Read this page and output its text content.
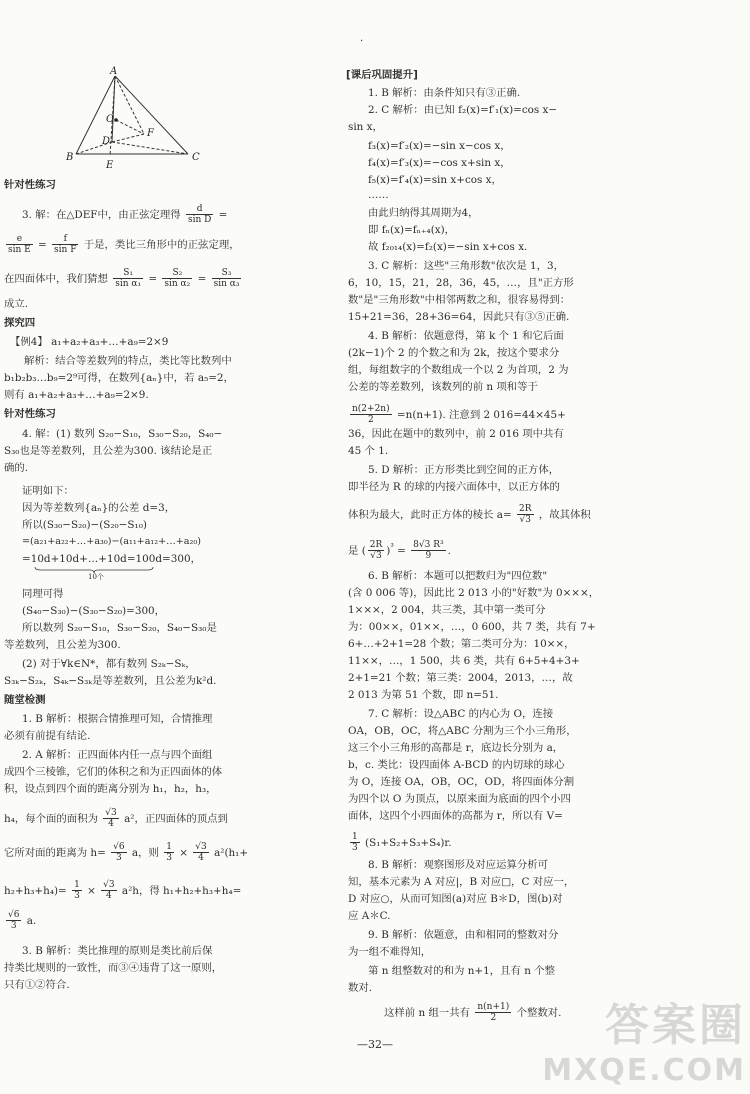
A
B	C
D
E
F
O
·
针对性练习
3. 解：在△DEF中，由正弦定理得 $\frac{d}{\text{sin D}}$ =
$\frac{e}{\text{sin E}} = \frac{f}{\text{sin F}}$ 于是，类比三角形中的正弦定理，
在四面体中，我们猜想 $\frac{\text{S₁}}{\text{sin α₁}} = \frac{\text{S₂}}{\text{sin α₂}} = \frac{\text{S₃}}{\text{sin α₃}}$
成立.
探究四
【例4】 a₁+a₂+a₃+…+a₉=2×9
解析：结合等差数列的特点，类比等比数列中
b₁b₂b₃…b₉=2⁹可得，在数列{aₙ}中，若 a₅=2，
则有 a₁+a₂+a₃+…+a₉=2×9.
针对性练习
4. 解：(1) 数列 S₂₀−S₁₀，S₃₀−S₂₀，S₄₀−
S₃₀也是等差数列，且公差为300. 该结论是正
确的.
证明如下：
因为等差数列{aₙ}的公差 d=3，
所以(S₃₀−S₂₀)−(S₂₀−S₁₀)
=(a₂₁+a₂₂+…+a₃₀)−(a₁₁+a₁₂+…+a₂₀)
=10d+10d+…+10d=100d=300，
10个
同理可得
(S₄₀−S₃₀)−(S₃₀−S₂₀)=300，
所以数列 S₂₀−S₁₀，S₃₀−S₂₀，S₄₀−S₃₀是
等差数列，且公差为300.
(2) 对于∀k∈N*，都有数列 S₂ₖ−Sₖ，
S₃ₖ−S₂ₖ，S₄ₖ−S₃ₖ是等差数列，且公差为k²d.
随堂检测
1. B 解析：根据合情推理可知，合情推理
必须有前提有结论.
2. A 解析：正四面体内任一点与四个面组
成四个三棱锥，它们的体积之和为正四面体的体
积，设点到四个面的距离分别为 h₁，h₂，h₃，
h₄，每个面的面积为 $\frac{√3}{4} a^2$，正四面体的顶点到
它所对面的距离为 $h= \frac{√6}{3}$ a，则 $\frac{1}{3} \times \frac{√3}{4} a^2(h_1+$
$h_2+h_3+h_4)= \frac{1}{3} \times \frac{√3}{4} a^2h$，得 h₁+h₂+h₃+h₄=
$\frac{√6}{3} a$.
3. B 解析：类比推理的原则是类比前后保
持类比规则的一致性，而③④违背了这一原则，
只有①②符合.
[课后巩固提升]
1. B 解析：由条件知只有③正确.
2. C 解析：由已知 f₂(x)=f′₁(x)=cos x−
sin x，
f₃(x)=f′₂(x)=−sin x−cos x，
f₄(x)=f′₃(x)=−cos x+sin x，
f₅(x)=f′₄(x)=sin x+cos x，
……
由此归纳得其周期为4，
即 fₙ(x)=fₙ₊₄(x)，
故 f₂₀₁₄(x)=f₂(x)=−sin x+cos x.
3. C 解析：这些"三角形数"依次是 1，3，
6，10，15，21，28，36，45，…，且"正方形
数"是"三角形数"中相邻两数之和，很容易得到：
15+21=36，28+36=64，因此只有③⑤正确.
4. B 解析：依题意得，第 k 个 1 和它后面
(2k−1)个 2 的个数之和为 2k，按这个要求分
组，每组数字的个数组成一个以 2 为首项，2 为
公差的等差数列，该数列的前 n 项和等于
$\frac{n(2+2n)}{2} =n(n+1)$. 注意到 2 016=44×45+
36，因此在题中的数列中，前 2 016 项中共有
45 个 1.
5. D 解析：正方形类比到空间的正方体，
即半径为 R 的球的内接六面体中，以正方体的
体积为最大，此时正方体的棱长 $a= \frac{2R}{√3}$ ，故其体积
是 ( $\frac{2R}{√3} )^{^3} = \frac{\text{8√3 R³}}{9}$ .
6. B 解析：本题可以把数归为"四位数"
(含 0 006 等)，因此比 2 013 小的"好数"为 0×××，
1×××，2 004，共三类，其中第一类可分
为：00××，01××，…，0 600，共 7 类，共有 7+
6+…+2+1=28 个数；第二类可分为：10××，
11××，…，1 500，共 6 类，共有 6+5+4+3+
2+1=21 个数；第三类：2004，2013，…，故
2 013 为第 51 个数，即 n=51.
7. C 解析：设△ABC 的内心为 O，连接
OA，OB，OC，将△ABC 分割为三个小三角形，
这三个小三角形的高都是 r，底边长分别为 a，
b，c. 类比：设四面体 A-BCD 的内切球的球心
为 O，连接 OA，OB，OC，OD，将四面体分割
为四个以 O 为顶点，以原来面为底面的四个小四
面体，这四个小四面体的高都为 r，所以有 V=
$\frac{1}{3} (S_1+S_2+S_3+S_4)r$.
8. B 解析：观察图形及对应运算分析可
知，基本元素为 A 对应|，B 对应□，C 对应一，
D 对应○，从而可知图(a)对应 B＊D，图(b)对
应 A＊C.
9. B 解析：依题意，由和相同的整数对分
为一组不难得知，
第 n 组整数对的和为 n+1，且有 n 个整
数对.
这样前 n 组一共有 $\frac{n(n+1)}{2}$ 个整数对.
—32—	答案圈
MXQE.COM
